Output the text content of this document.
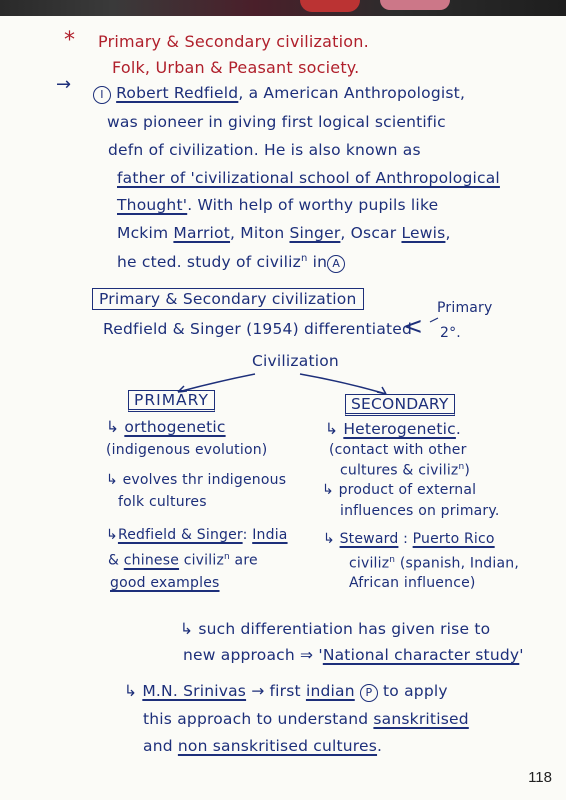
* Primary & Secondary civilization.
Folk, Urban & Peasant society.
→	I Robert Redfield, a American Anthropologist,
was pioneer in giving first logical scientific
defn of civilization. He is also known as
father of 'civilizational school of Anthropological
Thought'. With help of worthy pupils like
Mckim Marriot, Miton Singer, Oscar Lewis,
he cted. study of civiliz$^n$ in A
Primary & Secondary civilization
Redfield & Singer (1954) differentiated
<
Primary
2°.
Civilization
PRIMARY	SECONDARY
↳ orthogenetic
(indigenous evolution)
↳ evolves thr indigenous
folk cultures
↳Redfield & Singer: India
& chinese civiliz$^n$ are
good examples
↳ Heterogenetic.
(contact with other
cultures & civiliz$^n$)
↳ product of external
influences on primary.
↳ Steward : Puerto Rico
civiliz$^n$ (spanish, Indian,
African influence)
↳ such differentiation has given rise to
new approach ⇒ 'National character study'
↳ M.N. Srinivas → first indian P to apply
this approach to understand sanskritised
and non sanskritised cultures.
118
